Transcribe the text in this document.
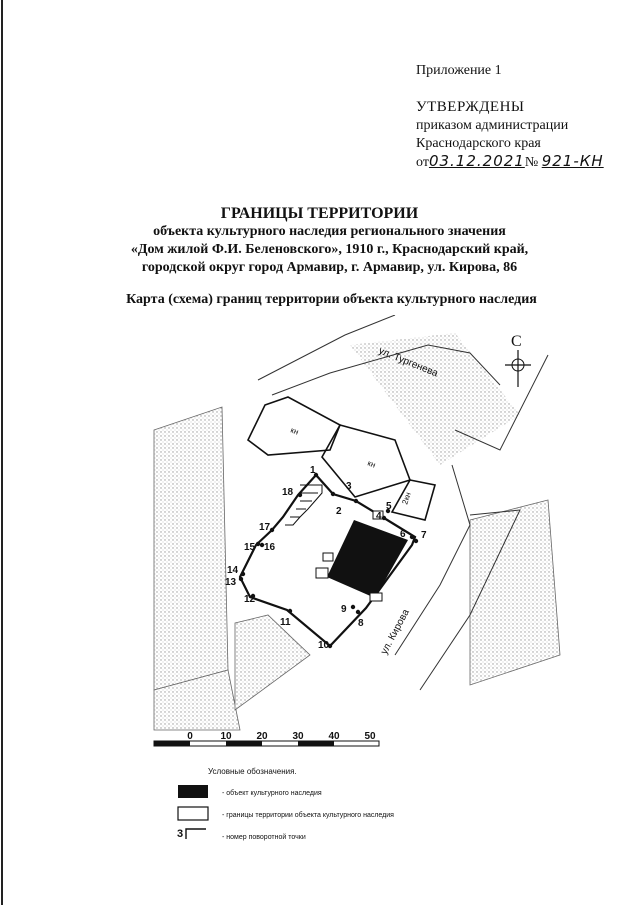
Приложение 1
УТВЕРЖДЕНЫ
приказом администрации
Краснодарского края
от03.12.2021№ 921-КН
ГРАНИЦЫ ТЕРРИТОРИИ
объекта культурного наследия регионального значения
«Дом жилой Ф.И. Беленовского», 1910 г., Краснодарский край,
городской округ город Армавир, г. Армавир, ул. Кирова, 86
Карта (схема) границ территории объекта культурного наследия
1
2
3
4
5
6 7
8
9
10
11
12
13
14
15 16
17
18
кн
кн
2кн
ул. Тургенева
ул. Кирова
С
0	10 20 30 40 50
Условные обозначения.
- объект культурного наследия
- границы территории объекта культурного наследия
3	- номер поворотной точки
